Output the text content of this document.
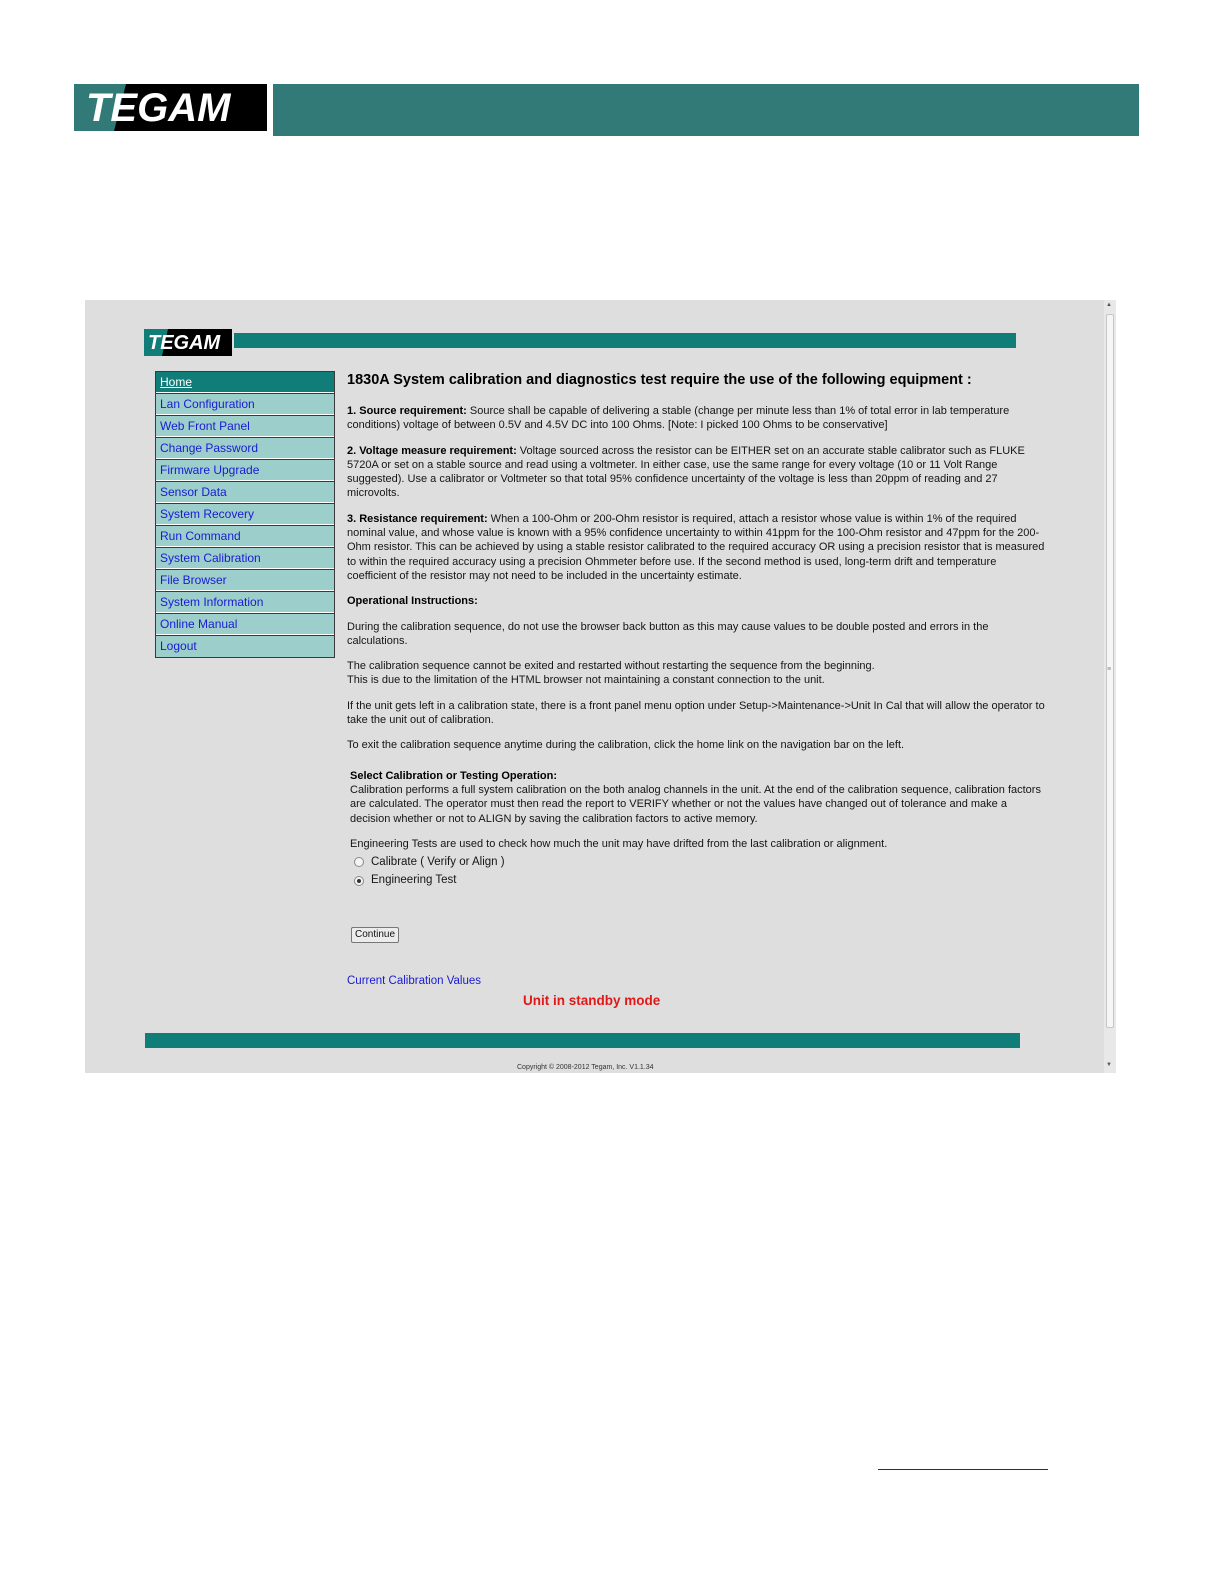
TEGAM
TEGAM
Home
Lan Configuration
Web Front Panel
Change Password
Firmware Upgrade
Sensor Data
System Recovery
Run Command
System Calibration
File Browser
System Information
Online Manual
Logout
1830A System calibration and diagnostics test require the use of the following equipment :

1. Source requirement: Source shall be capable of delivering a stable (change per minute less than 1% of total error in lab temperature conditions) voltage of between 0.5V and 4.5V DC into 100 Ohms. [Note: I picked 100 Ohms to be conservative]

2. Voltage measure requirement: Voltage sourced across the resistor can be EITHER set on an accurate stable calibrator such as FLUKE 5720A or set on a stable source and read using a voltmeter. In either case, use the same range for every voltage (10 or 11 Volt Range suggested). Use a calibrator or Voltmeter so that total 95% confidence uncertainty of the voltage is less than 20ppm of reading and 27 microvolts.

3. Resistance requirement: When a 100-Ohm or 200-Ohm resistor is required, attach a resistor whose value is within 1% of the required nominal value, and whose value is known with a 95% confidence uncertainty to within 41ppm for the 100-Ohm resistor and 47ppm for the 200-Ohm resistor. This can be achieved by using a stable resistor calibrated to the required accuracy OR using a precision resistor that is measured to within the required accuracy using a precision Ohmmeter before use. If the second method is used, long-term drift and temperature coefficient of the resistor may not need to be included in the uncertainty estimate.

Operational Instructions:

During the calibration sequence, do not use the browser back button as this may cause values to be double posted and errors in the calculations.

The calibration sequence cannot be exited and restarted without restarting the sequence from the beginning.
This is due to the limitation of the HTML browser not maintaining a constant connection to the unit.

If the unit gets left in a calibration state, there is a front panel menu option under Setup->Maintenance->Unit In Cal that will allow the operator to take the unit out of calibration.

To exit the calibration sequence anytime during the calibration, click the home link on the navigation bar on the left.

Select Calibration or Testing Operation:

Calibration performs a full system calibration on the both analog channels in the unit. At the end of the calibration sequence, calibration factors are calculated. The operator must then read the report to VERIFY whether or not the values have changed out of tolerance and make a decision whether or not to ALIGN by saving the calibration factors to active memory.

Engineering Tests are used to check how much the unit may have drifted from the last calibration or alignment.

Calibrate ( Verify or Align )
Engineering Test
Continue
Current Calibration Values
Unit in standby mode
Copyright © 2008-2012 Tegam, Inc. V1.1.34
▲
≡
▼
